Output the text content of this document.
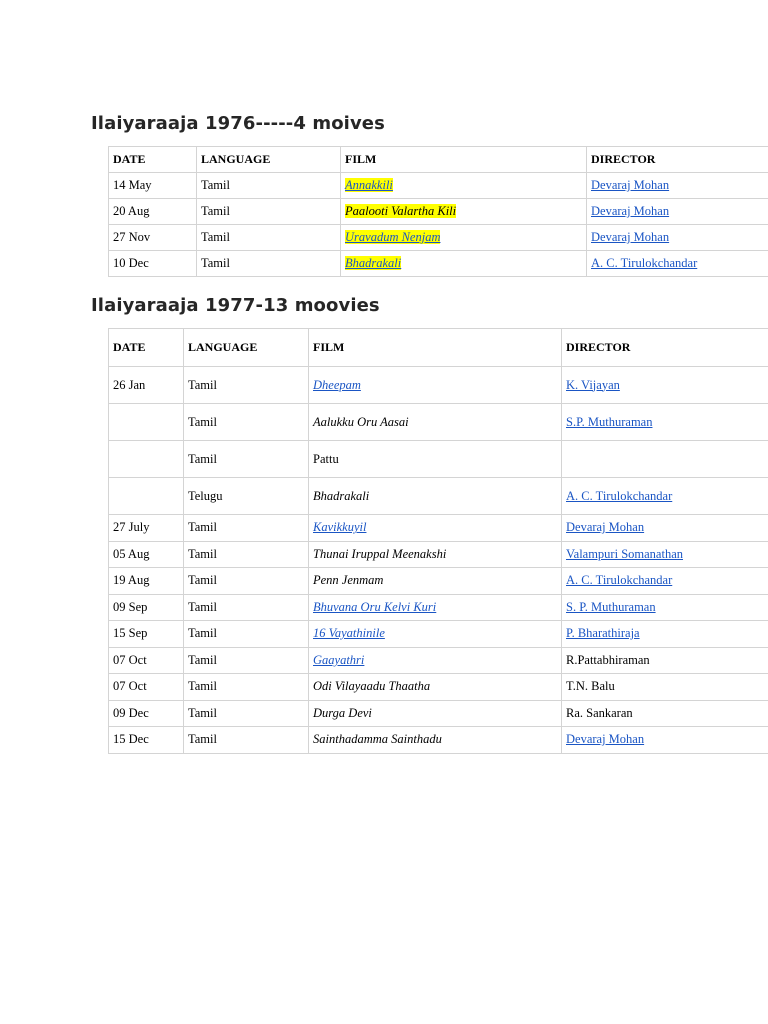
Ilaiyaraaja 1976-----4 moives
DATE	LANGUAGE	FILM	DIRECTOR
14 May	Tamil	Annakkili	Devaraj Mohan
20 Aug	Tamil	Paalooti Valartha Kili	Devaraj Mohan
27 Nov	Tamil	Uravadum Nenjam	Devaraj Mohan
10 Dec	Tamil	Bhadrakali	A. C. Tirulokchandar
Ilaiyaraaja 1977-13 moovies
DATE	LANGUAGE	FILM	DIRECTOR
26 Jan	Tamil	Dheepam	K. Vijayan
	Tamil	Aalukku Oru Aasai	S.P. Muthuraman
	Tamil	Pattu	
	Telugu	Bhadrakali	A. C. Tirulokchandar
27 July	Tamil	Kavikkuyil	Devaraj Mohan
05 Aug	Tamil	Thunai Iruppal Meenakshi	Valampuri Somanathan
19 Aug	Tamil	Penn Jenmam	A. C. Tirulokchandar
09 Sep	Tamil	Bhuvana Oru Kelvi Kuri	S. P. Muthuraman
15 Sep	Tamil	16 Vayathinile	P. Bharathiraja
07 Oct	Tamil	Gaayathri	R.Pattabhiraman
07 Oct	Tamil	Odi Vilayaadu Thaatha	T.N. Balu
09 Dec	Tamil	Durga Devi	Ra. Sankaran
15 Dec	Tamil	Sainthadamma Sainthadu	Devaraj Mohan
